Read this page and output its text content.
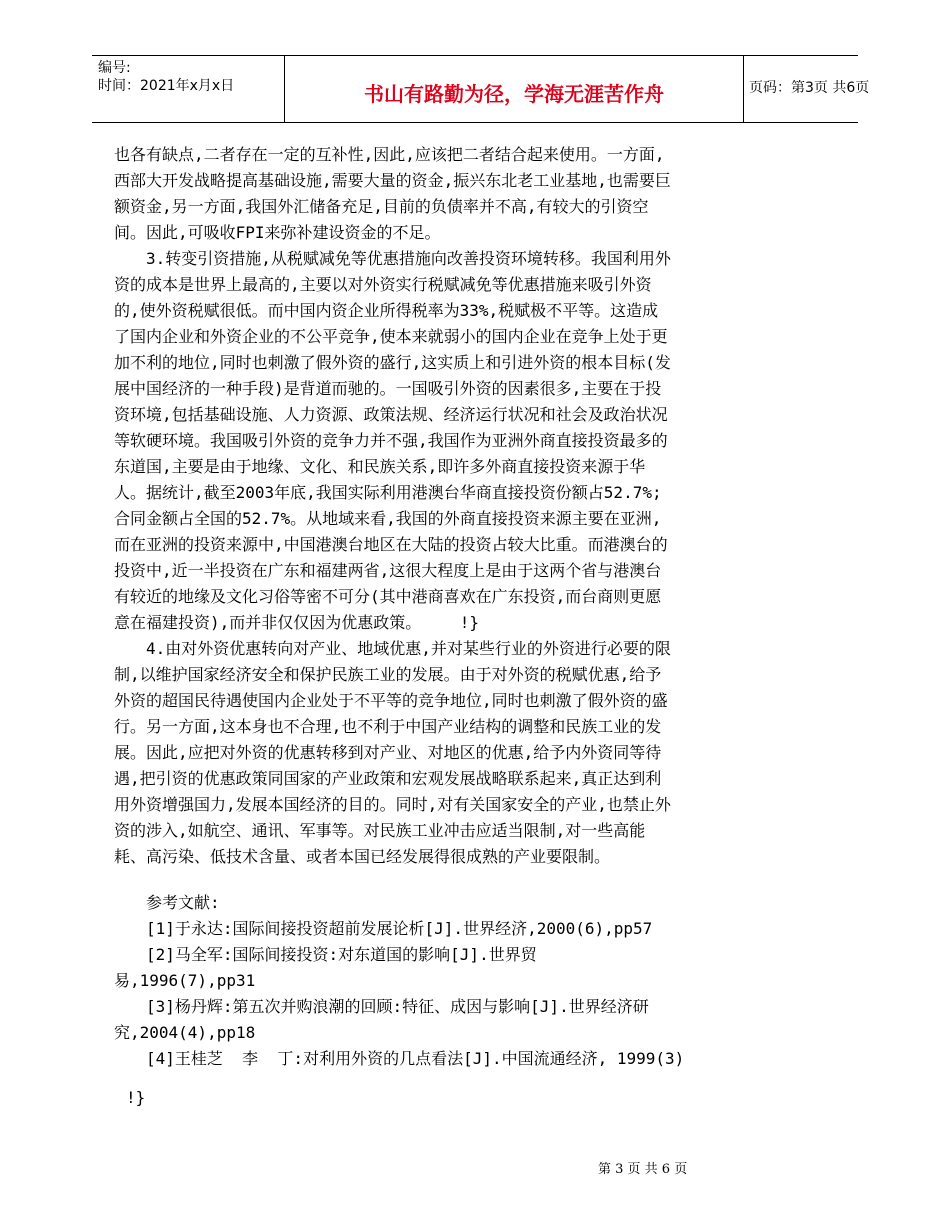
编号:
时间：2021年x月x日	书山有路勤为径，学海无涯苦作舟	页码：第3页 共6页
也各有缺点,二者存在一定的互补性,因此,应该把二者结合起来使用。一方面,
西部大开发战略提高基础设施,需要大量的资金,振兴东北老工业基地,也需要巨
额资金,另一方面,我国外汇储备充足,目前的负债率并不高,有较大的引资空
间。因此,可吸收FPI来弥补建设资金的不足。
3.转变引资措施,从税赋减免等优惠措施向改善投资环境转移。我国利用外
资的成本是世界上最高的,主要以对外资实行税赋减免等优惠措施来吸引外资
的,使外资税赋很低。而中国内资企业所得税率为33%,税赋极不平等。这造成
了国内企业和外资企业的不公平竞争,使本来就弱小的国内企业在竞争上处于更
加不利的地位,同时也刺激了假外资的盛行,这实质上和引进外资的根本目标(发
展中国经济的一种手段)是背道而驰的。一国吸引外资的因素很多,主要在于投
资环境,包括基础设施、人力资源、政策法规、经济运行状况和社会及政治状况
等软硬环境。我国吸引外资的竞争力并不强,我国作为亚洲外商直接投资最多的
东道国,主要是由于地缘、文化、和民族关系,即许多外商直接投资来源于华
人。据统计,截至2003年底,我国实际利用港澳台华商直接投资份额占52.7%;
合同金额占全国的52.7%。从地域来看,我国的外商直接投资来源主要在亚洲,
而在亚洲的投资来源中,中国港澳台地区在大陆的投资占较大比重。而港澳台的
投资中,近一半投资在广东和福建两省,这很大程度上是由于这两个省与港澳台
有较近的地缘及文化习俗等密不可分(其中港商喜欢在广东投资,而台商则更愿
意在福建投资),而并非仅仅因为优惠政策。    !}
4.由对外资优惠转向对产业、地域优惠,并对某些行业的外资进行必要的限
制,以维护国家经济安全和保护民族工业的发展。由于对外资的税赋优惠,给予
外资的超国民待遇使国内企业处于不平等的竞争地位,同时也刺激了假外资的盛
行。另一方面,这本身也不合理,也不利于中国产业结构的调整和民族工业的发
展。因此,应把对外资的优惠转移到对产业、对地区的优惠,给予内外资同等待
遇,把引资的优惠政策同国家的产业政策和宏观发展战略联系起来,真正达到利
用外资增强国力,发展本国经济的目的。同时,对有关国家安全的产业,也禁止外
资的涉入,如航空、通讯、军事等。对民族工业冲击应适当限制,对一些高能
耗、高污染、低技术含量、或者本国已经发展得很成熟的产业要限制。
参考文献:
[1]于永达:国际间接投资超前发展论析[J].世界经济,2000(6),pp57
[2]马全军:国际间接投资:对东道国的影响[J].世界贸
易,1996(7),pp31
[3]杨丹辉:第五次并购浪潮的回顾:特征、成因与影响[J].世界经济研
究,2004(4),pp18
[4]王桂芝  李  丁:对利用外资的几点看法[J].中国流通经济, 1999(3)
!}
第 3 页 共 6 页
